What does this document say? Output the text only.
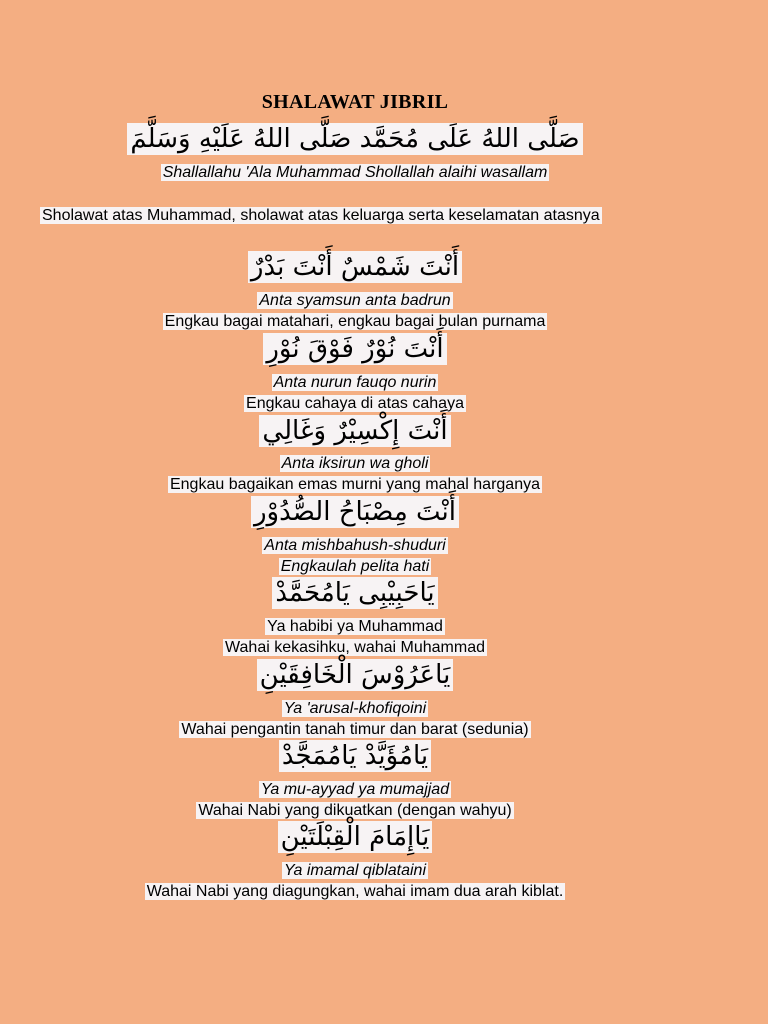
SHALAWAT JIBRIL
صَلَّى اللهُ عَلَى مُحَمَّد صَلَّى اللهُ عَلَيْهِ وَسَلَّمَ
Shallallahu 'Ala Muhammad Shollallah alaihi wasallam
Sholawat atas Muhammad, sholawat atas keluarga serta keselamatan atasnya
أَنْتَ شَمْسٌ أَنْتَ بَدْرٌ
Anta syamsun anta badrun
Engkau bagai matahari, engkau bagai bulan purnama
أَنْتَ نُوْرٌ فَوْقَ نُوْرِ
Anta nurun fauqo nurin
Engkau cahaya di atas cahaya
أَنْتَ إِكْسِيْرٌ وَغَالِي
Anta iksirun wa gholi
Engkau bagaikan emas murni yang mahal harganya
أَنْتَ مِصْبَاحُ الصُّدُوْرِ
Anta mishbahush-shuduri
Engkaulah pelita hati
يَاحَبِيْبِى يَامُحَمَّدْ
Ya habibi ya Muhammad
Wahai kekasihku, wahai Muhammad
يَاعَرُوْسَ الْخَافِقَيْنِ
Ya 'arusal-khofiqoini
Wahai pengantin tanah timur dan barat (sedunia)
يَامُؤَيَّدْ يَامُمَجَّدْ
Ya mu-ayyad ya mumajjad
Wahai Nabi yang dikuatkan (dengan wahyu)
يَاإِمَامَ الْقِبْلَتَيْنِ
Ya imamal qiblataini
Wahai Nabi yang diagungkan, wahai imam dua arah kiblat.
